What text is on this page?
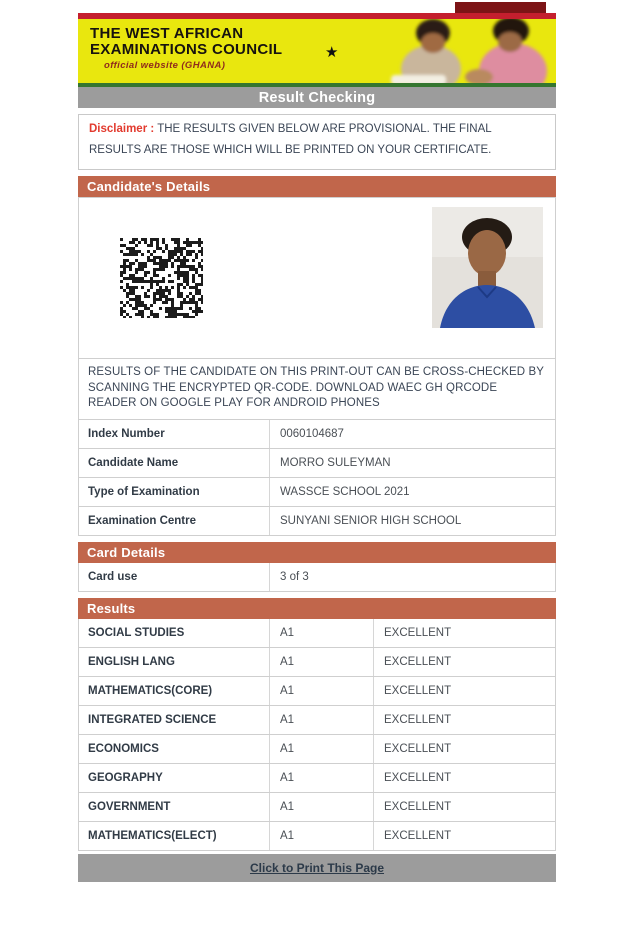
THE WEST AFRICAN
EXAMINATIONS COUNCIL
official website (GHANA)
★
Result Checking
Disclaimer : THE RESULTS GIVEN BELOW ARE PROVISIONAL. THE FINAL RESULTS ARE THOSE WHICH WILL BE PRINTED ON YOUR CERTIFICATE.
Candidate's Details
RESULTS OF THE CANDIDATE ON THIS PRINT-OUT CAN BE CROSS-CHECKED BY SCANNING THE ENCRYPTED QR-CODE. DOWNLOAD WAEC GH QRCODE READER ON GOOGLE PLAY FOR ANDROID PHONES
Index Number	0060104687
Candidate Name	MORRO SULEYMAN
Type of Examination	WASSCE SCHOOL 2021
Examination Centre	SUNYANI SENIOR HIGH SCHOOL
Card Details
Card use	3 of 3
Results
SOCIAL STUDIES	A1	EXCELLENT
ENGLISH LANG	A1	EXCELLENT
MATHEMATICS(CORE)	A1	EXCELLENT
INTEGRATED SCIENCE	A1	EXCELLENT
ECONOMICS	A1	EXCELLENT
GEOGRAPHY	A1	EXCELLENT
GOVERNMENT	A1	EXCELLENT
MATHEMATICS(ELECT)	A1	EXCELLENT
Click to Print This Page
